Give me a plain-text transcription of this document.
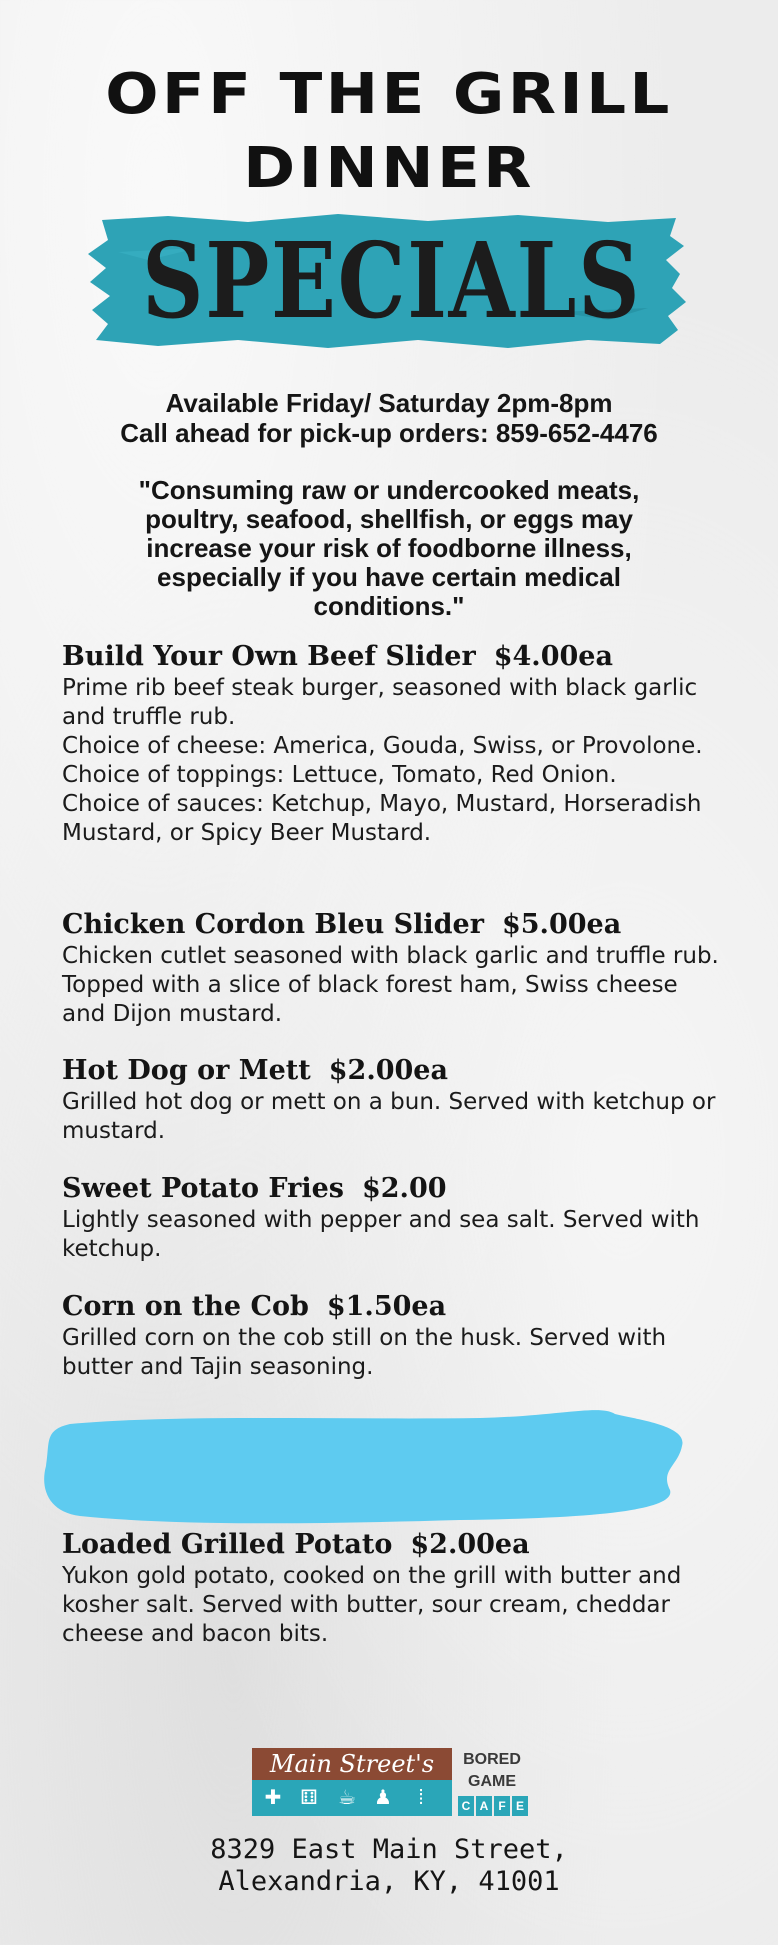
OFF THE GRILL
DINNER
SPECIALS
Available Friday/ Saturday 2pm-8pm
Call ahead for pick-up orders: 859-652-4476
"Consuming raw or undercooked meats, poultry, seafood, shellfish, or eggs may increase your risk of foodborne illness, especially if you have certain medical conditions."
Build Your Own Beef Slider $4.00ea

Prime rib beef steak burger, seasoned with black garlic and truffle rub.
Choice of cheese: America, Gouda, Swiss, or Provolone.
Choice of toppings: Lettuce, Tomato, Red Onion.
Choice of sauces: Ketchup, Mayo, Mustard, Horseradish Mustard, or Spicy Beer Mustard.

Chicken Cordon Bleu Slider $5.00ea

Chicken cutlet seasoned with black garlic and truffle rub. Topped with a slice of black forest ham, Swiss cheese and Dijon mustard.

Hot Dog or Mett $2.00ea

Grilled hot dog or mett on a bun. Served with ketchup or mustard.

Sweet Potato Fries $2.00

Lightly seasoned with pepper and sea salt. Served with ketchup.

Corn on the Cob $1.50ea

Grilled corn on the cob still on the husk. Served with butter and Tajin seasoning.

Loaded Grilled Potato $2.00ea

Yukon gold potato, cooked on the grill with butter and kosher salt. Served with butter, sour cream, cheddar cheese and bacon bits.

Main Street's
✚ ⚅ ☕ ♟	⁞
BORED
GAME
C A F E
8329 East Main Street,
Alexandria, KY, 41001
